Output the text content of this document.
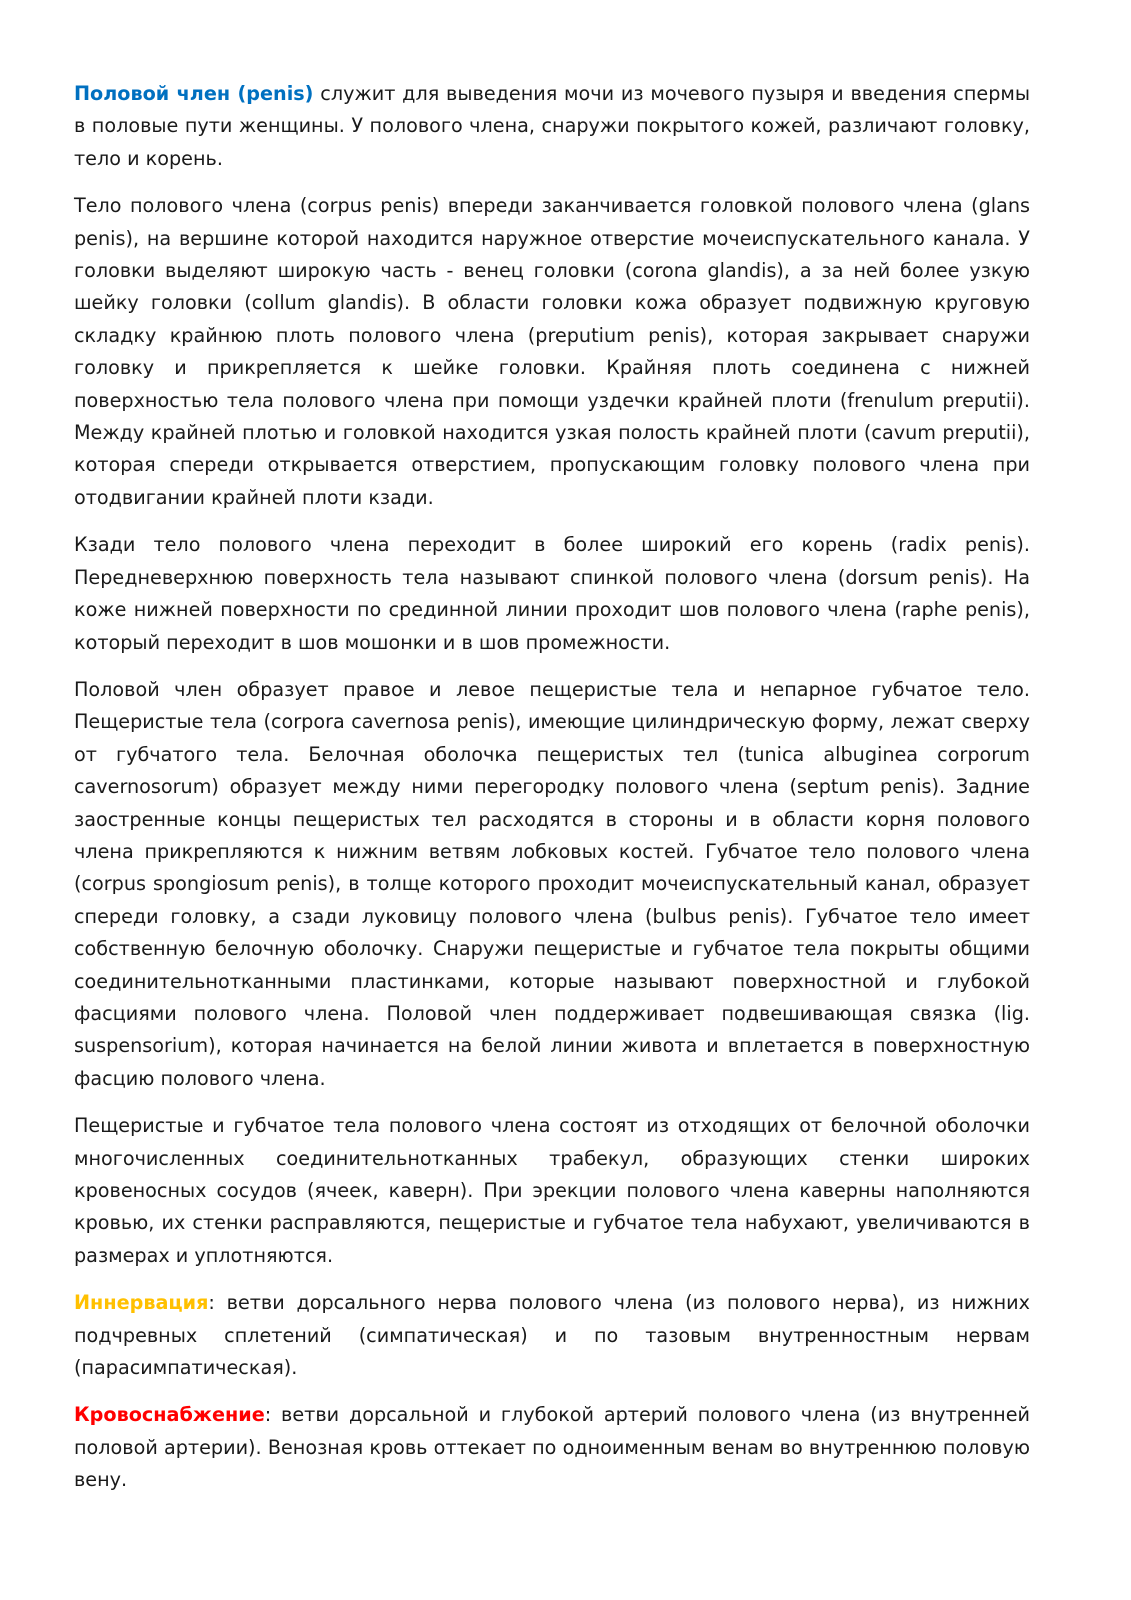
Половой член (penis) служит для выведения мочи из мочевого пузыря и введения спермы в половые пути женщины. У полового члена, снаружи покрытого кожей, различают головку, тело и корень.

Тело полового члена (corpus penis) впереди заканчивается головкой полового члена (glans penis), на вершине которой находится наружное отверстие мочеиспускательного канала. У головки выделяют широкую часть - венец головки (corona glandis), а за ней более узкую шейку головки (collum glandis). В области головки кожа образует подвижную круговую складку крайнюю плоть полового члена (preputium penis), которая закрывает снаружи головку и прикрепляется к шейке головки. Крайняя плоть соединена с нижней поверхностью тела полового члена при помощи уздечки крайней плоти (frenulum preputii). Между крайней плотью и головкой находится узкая полость крайней плоти (cavum preputii), которая спереди открывается отверстием, пропускающим головку полового члена при отодвигании крайней плоти кзади.

Кзади тело полового члена переходит в более широкий его корень (radix penis). Передневерхнюю поверхность тела называют спинкой полового члена (dorsum penis). На коже нижней поверхности по срединной линии проходит шов полового члена (raphe penis), который переходит в шов мошонки и в шов промежности.

Половой член образует правое и левое пещеристые тела и непарное губчатое тело. Пещеристые тела (corpora cavernosa penis), имеющие цилиндрическую форму, лежат сверху от губчатого тела. Белочная оболочка пещеристых тел (tunica albuginea corporum cavernosorum) образует между ними перегородку полового члена (septum penis). Задние заостренные концы пещеристых тел расходятся в стороны и в области корня полового члена прикрепляются к нижним ветвям лобковых костей. Губчатое тело полового члена (corpus spongiosum penis), в толще которого проходит мочеиспускательный канал, образует спереди головку, а сзади луковицу полового члена (bulbus penis). Губчатое тело имеет собственную белочную оболочку. Снаружи пещеристые и губчатое тела покрыты общими соединительнотканными пластинками, которые называют поверхностной и глубокой фасциями полового члена. Половой член поддерживает подвешивающая связка (lig. suspensorium), которая начинается на белой линии живота и вплетается в поверхностную фасцию полового члена.

Пещеристые и губчатое тела полового члена состоят из отходящих от белочной оболочки многочисленных соединительнотканных трабекул, образующих стенки широких кровеносных сосудов (ячеек, каверн). При эрекции полового члена каверны наполняются кровью, их стенки расправляются, пещеристые и губчатое тела набухают, увеличиваются в размерах и уплотняются.

Иннервация: ветви дорсального нерва полового члена (из полового нерва), из нижних подчревных сплетений (симпатическая) и по тазовым внутренностным нервам (парасимпатическая).

Кровоснабжение: ветви дорсальной и глубокой артерий полового члена (из внутренней половой артерии). Венозная кровь оттекает по одноименным венам во внутреннюю половую вену.
